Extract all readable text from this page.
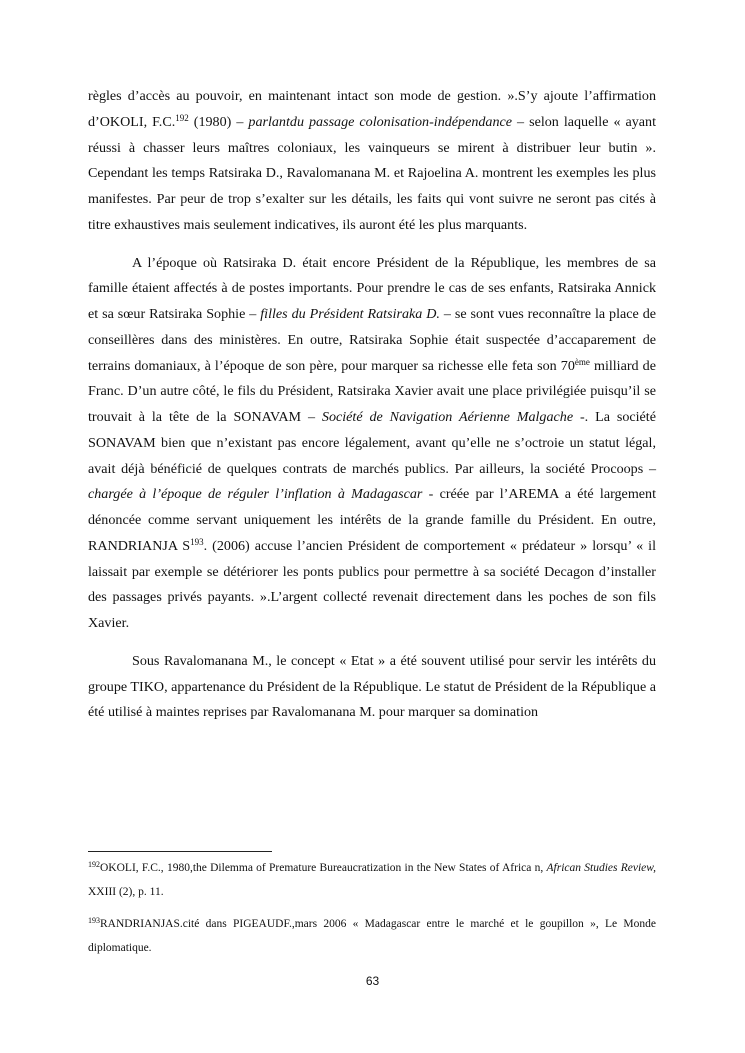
règles d’accès au pouvoir, en maintenant intact son mode de gestion. ».S’y ajoute l’affirmation d’OKOLI, F.C.$^{192}$ (1980) – parlantdu passage colonisation-indépendance – selon laquelle « ayant réussi à chasser leurs maîtres coloniaux, les vainqueurs se mirent à distribuer leur butin ». Cependant les temps Ratsiraka D., Ravalomanana M. et Rajoelina A. montrent les exemples les plus manifestes. Par peur de trop s’exalter sur les détails, les faits qui vont suivre ne seront pas cités à titre exhaustives mais seulement indicatives, ils auront été les plus marquants.

A l’époque où Ratsiraka D. était encore Président de la République, les membres de sa famille étaient affectés à de postes importants. Pour prendre le cas de ses enfants, Ratsiraka Annick et sa sœur Ratsiraka Sophie – filles du Président Ratsiraka D. – se sont vues reconnaître la place de conseillères dans des ministères. En outre, Ratsiraka Sophie était suspectée d’accaparement de terrains domaniaux, à l’époque de son père, pour marquer sa richesse elle feta son 70ème milliard de Franc. D’un autre côté, le fils du Président, Ratsiraka Xavier avait une place privilégiée puisqu’il se trouvait à la tête de la SONAVAM – Société de Navigation Aérienne Malgache -. La société SONAVAM bien que n’existant pas encore légalement, avant qu’elle ne s’octroie un statut légal, avait déjà bénéficié de quelques contrats de marchés publics. Par ailleurs, la société Procoops – chargée à l’époque de réguler l’inflation à Madagascar - créée par l’AREMA a été largement dénoncée comme servant uniquement les intérêts de la grande famille du Président. En outre, RANDRIANJA $S^{193}$. (2006) accuse l’ancien Président de comportement « prédateur » lorsqu’ « il laissait par exemple se détériorer les ponts publics pour permettre à sa société Decagon d’installer des passages privés payants. ».L’argent collecté revenait directement dans les poches de son fils Xavier.

Sous Ravalomanana M., le concept « Etat » a été souvent utilisé pour servir les intérêts du groupe TIKO, appartenance du Président de la République. Le statut de Président de la République a été utilisé à maintes reprises par Ravalomanana M. pour marquer sa domination

$^{192}$OKOLI, F.C., 1980,the Dilemma of Premature Bureaucratization in the New States of Africa n, African Studies Review, XXIII (2), p. 11.

$^{193}$RANDRIANJAS.cité dans PIGEAUDF.,mars 2006 « Madagascar entre le marché et le goupillon », Le Monde diplomatique.

63
